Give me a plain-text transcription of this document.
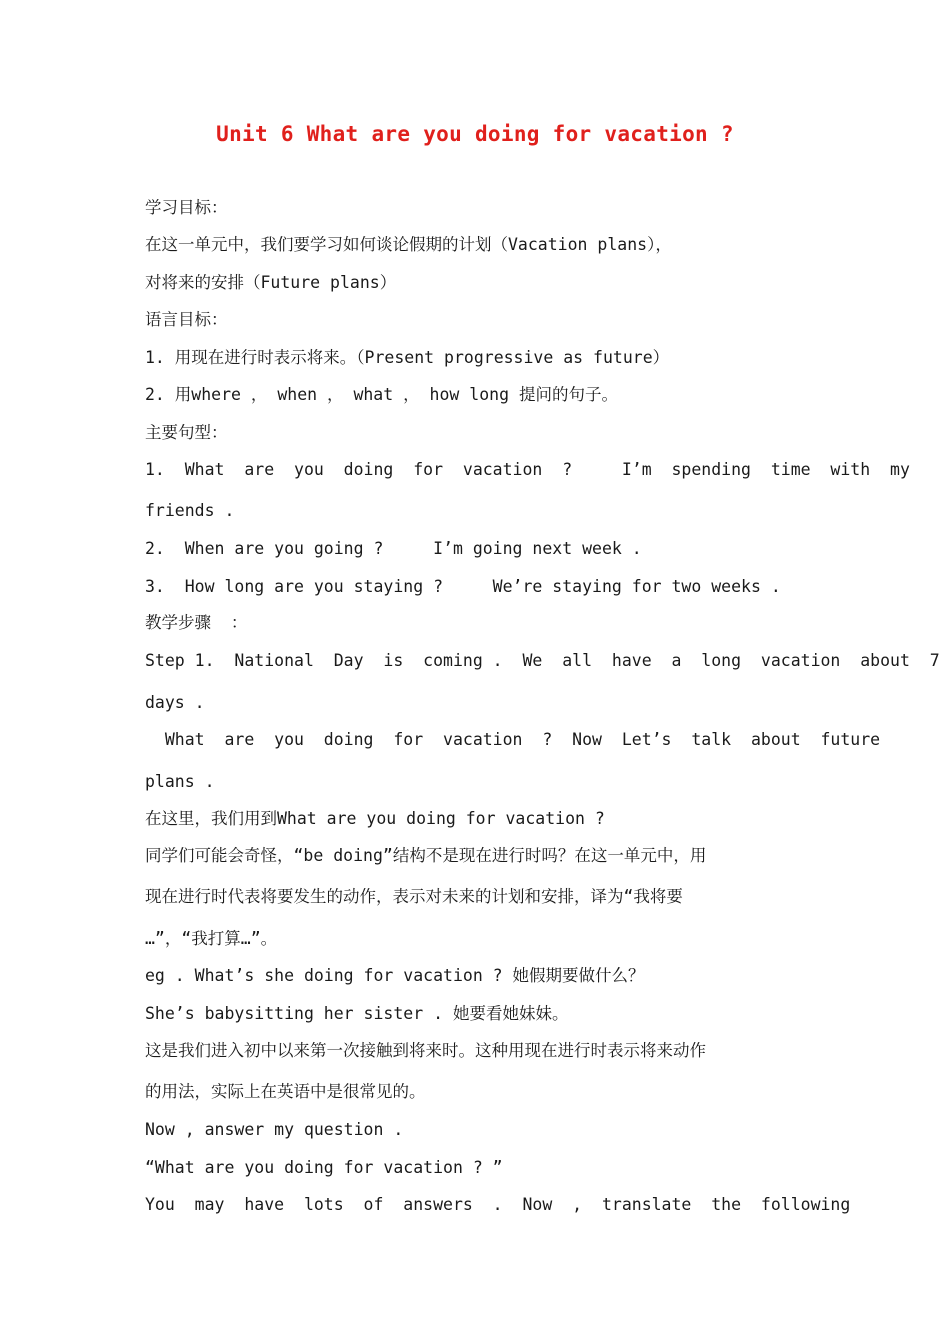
Unit 6 What are you doing for vacation ?
学习目标：
在这一单元中，我们要学习如何谈论假期的计划（Vacation plans），
对将来的安排（Future plans）
语言目标：
1. 用现在进行时表示将来。（Present progressive as future）
2. 用where ， when ， what ， how long 提问的句子。
主要句型：
1.  What  are  you  doing  for  vacation  ?     I’m  spending  time  with  my
friends .
2.  When are you going ?     I’m going next week .
3.  How long are you staying ?     We’re staying for two weeks .
教学步骤  ：
Step 1.  National  Day  is  coming .  We  all  have  a  long  vacation  about  7
days .
What  are  you  doing  for  vacation  ?  Now  Let’s  talk  about  future
plans .
在这里，我们用到What are you doing for vacation ?
同学们可能会奇怪，“be doing”结构不是现在进行时吗？在这一单元中，用
现在进行时代表将要发生的动作，表示对未来的计划和安排，译为“我将要
…”，“我打算…”。
eg . What’s she doing for vacation ? 她假期要做什么？
She’s babysitting her sister . 她要看她妹妹。
这是我们进入初中以来第一次接触到将来时。这种用现在进行时表示将来动作
的用法，实际上在英语中是很常见的。
Now , answer my question .
“What are you doing for vacation ? ”
You  may  have  lots  of  answers  .  Now  ,  translate  the  following
